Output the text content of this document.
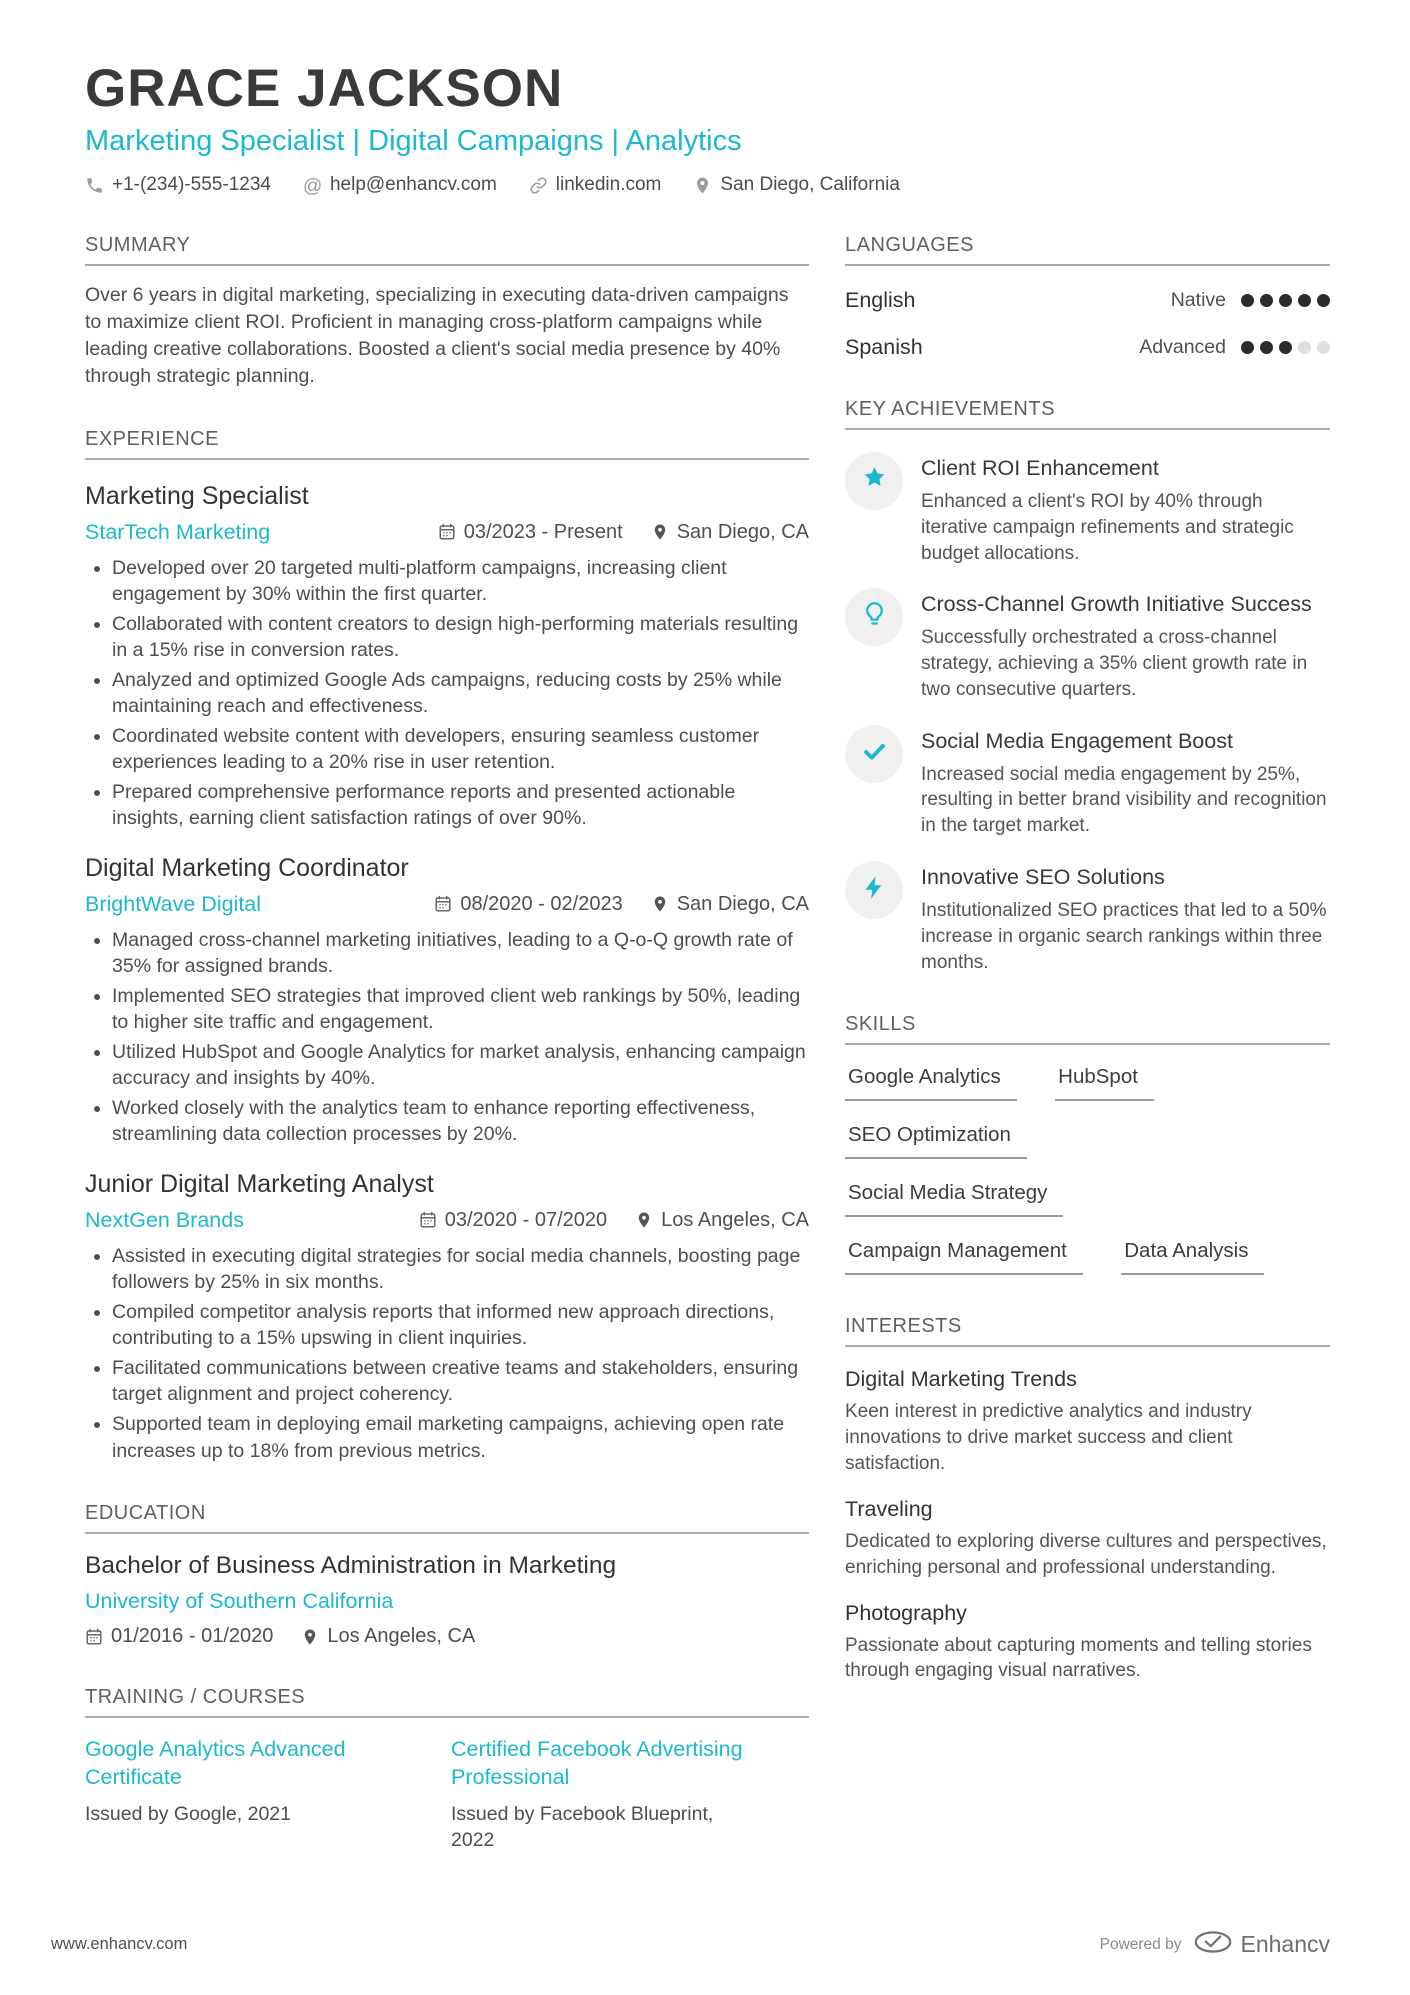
GRACE JACKSON
Marketing Specialist | Digital Campaigns | Analytics
+1-(234)-555-1234 @ help@enhancv.com	linkedin.com	San Diego, California
SUMMARY

Over 6 years in digital marketing, specializing in executing data-driven campaigns to maximize client ROI. Proficient in managing cross-platform campaigns while leading creative collaborations. Boosted a client's social media presence by 40% through strategic planning.

EXPERIENCE
Marketing Specialist
StarTech Marketing	03/2023 - Present	San Diego, CA
• Developed over 20 targeted multi-platform campaigns, increasing client engagement by 30% within the first quarter.
• Collaborated with content creators to design high-performing materials resulting in a 15% rise in conversion rates.
• Analyzed and optimized Google Ads campaigns, reducing costs by 25% while maintaining reach and effectiveness.
• Coordinated website content with developers, ensuring seamless customer experiences leading to a 20% rise in user retention.
• Prepared comprehensive performance reports and presented actionable insights, earning client satisfaction ratings of over 90%.
Digital Marketing Coordinator
BrightWave Digital	08/2020 - 02/2023	San Diego, CA
• Managed cross-channel marketing initiatives, leading to a Q-o-Q growth rate of 35% for assigned brands.
• Implemented SEO strategies that improved client web rankings by 50%, leading to higher site traffic and engagement.
• Utilized HubSpot and Google Analytics for market analysis, enhancing campaign accuracy and insights by 40%.
• Worked closely with the analytics team to enhance reporting effectiveness, streamlining data collection processes by 20%.
Junior Digital Marketing Analyst
NextGen Brands	03/2020 - 07/2020	Los Angeles, CA
• Assisted in executing digital strategies for social media channels, boosting page followers by 25% in six months.
• Compiled competitor analysis reports that informed new approach directions, contributing to a 15% upswing in client inquiries.
• Facilitated communications between creative teams and stakeholders, ensuring target alignment and project coherency.
• Supported team in deploying email marketing campaigns, achieving open rate increases up to 18% from previous metrics.
EDUCATION
Bachelor of Business Administration in Marketing
University of Southern California
01/2016 - 01/2020	Los Angeles, CA
TRAINING / COURSES
Google Analytics Advanced Certificate
Issued by Google, 2021
Certified Facebook Advertising Professional
Issued by Facebook Blueprint, 2022
LANGUAGES
English	Native
Spanish	Advanced
KEY ACHIEVEMENTS
Client ROI Enhancement
Enhanced a client's ROI by 40% through iterative campaign refinements and strategic budget allocations.
Cross-Channel Growth Initiative Success
Successfully orchestrated a cross-channel strategy, achieving a 35% client growth rate in two consecutive quarters.
Social Media Engagement Boost
Increased social media engagement by 25%, resulting in better brand visibility and recognition in the target market.
Innovative SEO Solutions
Institutionalized SEO practices that led to a 50% increase in organic search rankings within three months.
SKILLS
Google Analytics	HubSpot
SEO Optimization
Social Media Strategy
Campaign Management	Data Analysis
INTERESTS
Digital Marketing Trends
Keen interest in predictive analytics and industry innovations to drive market success and client satisfaction.
Traveling
Dedicated to exploring diverse cultures and perspectives, enriching personal and professional understanding.
Photography
Passionate about capturing moments and telling stories through engaging visual narratives.
www.enhancv.com	Powered by	Enhancv
